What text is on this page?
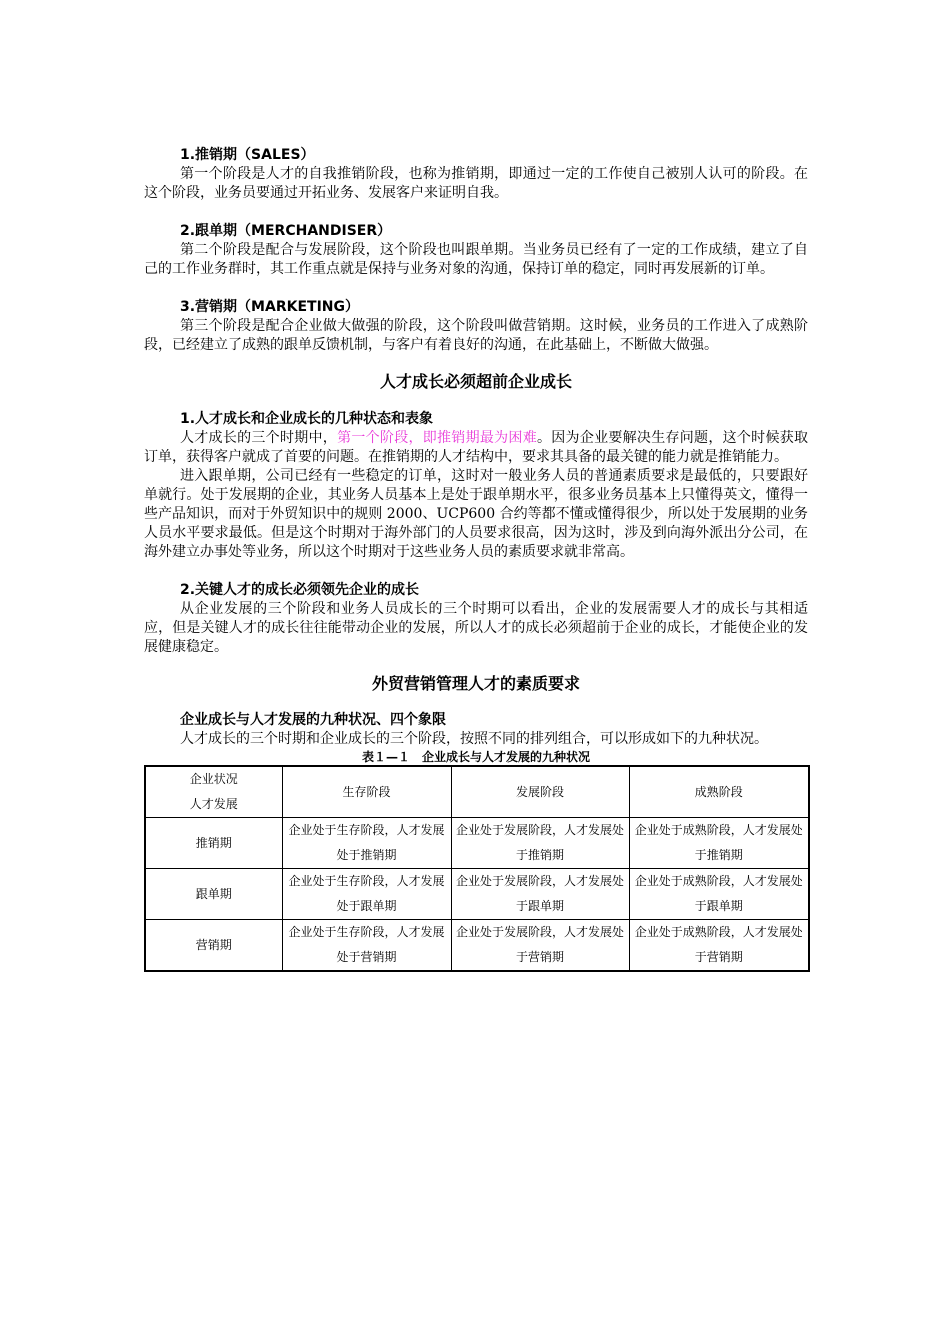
1.推销期（SALES）

第一个阶段是人才的自我推销阶段，也称为推销期，即通过一定的工作使自己被别人认可的阶段。在这个阶段，业务员要通过开拓业务、发展客户来证明自我。

2.跟单期（MERCHANDISER）

第二个阶段是配合与发展阶段，这个阶段也叫跟单期。当业务员已经有了一定的工作成绩，建立了自己的工作业务群时，其工作重点就是保持与业务对象的沟通，保持订单的稳定，同时再发展新的订单。

3.营销期（MARKETING）

第三个阶段是配合企业做大做强的阶段，这个阶段叫做营销期。这时候，业务员的工作进入了成熟阶段，已经建立了成熟的跟单反馈机制，与客户有着良好的沟通，在此基础上，不断做大做强。

人才成长必须超前企业成长
1.人才成长和企业成长的几种状态和表象

人才成长的三个时期中，第一个阶段，即推销期最为困难。因为企业要解决生存问题，这个时候获取订单，获得客户就成了首要的问题。在推销期的人才结构中，要求其具备的最关键的能力就是推销能力。

进入跟单期，公司已经有一些稳定的订单，这时对一般业务人员的普通素质要求是最低的，只要跟好单就行。处于发展期的企业，其业务人员基本上是处于跟单期水平，很多业务员基本上只懂得英文，懂得一些产品知识，而对于外贸知识中的规则 2000、UCP600 合约等都不懂或懂得很少，所以处于发展期的业务人员水平要求最低。但是这个时期对于海外部门的人员要求很高，因为这时，涉及到向海外派出分公司，在海外建立办事处等业务，所以这个时期对于这些业务人员的素质要求就非常高。

2.关键人才的成长必须领先企业的成长

从企业发展的三个阶段和业务人员成长的三个时期可以看出，企业的发展需要人才的成长与其相适应，但是关键人才的成长往往能带动企业的发展，所以人才的成长必须超前于企业的成长，才能使企业的发展健康稳定。

外贸营销管理人才的素质要求
企业成长与人才发展的九种状况、四个象限

人才成长的三个时期和企业成长的三个阶段，按照不同的排列组合，可以形成如下的九种状况。

表１—１　企业成长与人才发展的九种状况

企业状况
人才发展	生存阶段	发展阶段	成熟阶段
推销期	企业处于生存阶段，人才发展处于推销期	企业处于发展阶段，人才发展处于推销期	企业处于成熟阶段，人才发展处于推销期
跟单期	企业处于生存阶段，人才发展处于跟单期	企业处于发展阶段，人才发展处于跟单期	企业处于成熟阶段，人才发展处于跟单期
营销期	企业处于生存阶段，人才发展处于营销期	企业处于发展阶段，人才发展处于营销期	企业处于成熟阶段，人才发展处于营销期
